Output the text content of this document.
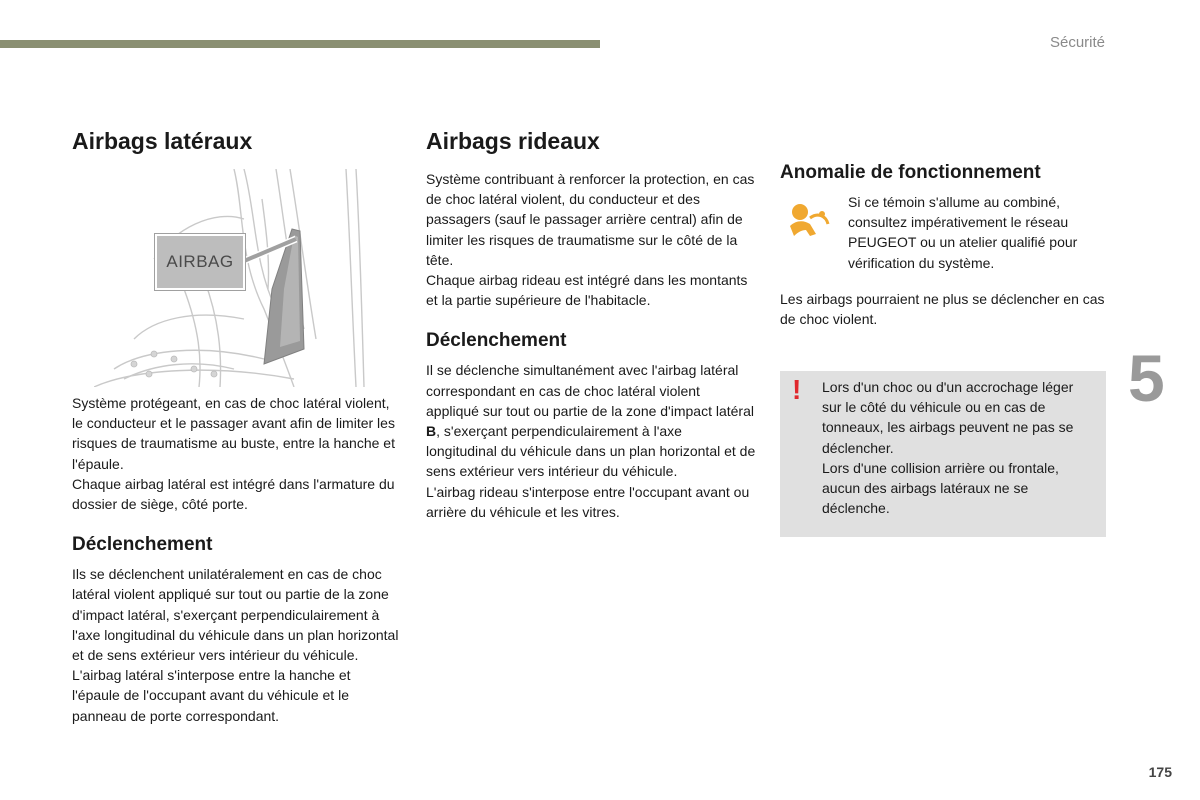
Sécurité
5
175
Airbags latéraux
AIRBAG

Système protégeant, en cas de choc latéral violent, le conducteur et le passager avant afin de limiter les risques de traumatisme au buste, entre la hanche et l'épaule.

Chaque airbag latéral est intégré dans l'armature du dossier de siège, côté porte.

Déclenchement

Ils se déclenchent unilatéralement en cas de choc latéral violent appliqué sur tout ou partie de la zone d'impact latéral, s'exerçant perpendiculairement à l'axe longitudinal du véhicule dans un plan horizontal et de sens extérieur vers intérieur du véhicule.

L'airbag latéral s'interpose entre la hanche et l'épaule de l'occupant avant du véhicule et le panneau de porte correspondant.

Airbags rideaux

Système contribuant à renforcer la protection, en cas de choc latéral violent, du conducteur et des passagers (sauf le passager arrière central) afin de limiter les risques de traumatisme sur le côté de la tête.

Chaque airbag rideau est intégré dans les montants et la partie supérieure de l'habitacle.

Déclenchement

Il se déclenche simultanément avec l'airbag latéral correspondant en cas de choc latéral violent appliqué sur tout ou partie de la zone d'impact latéral B, s'exerçant perpendiculairement à l'axe longitudinal du véhicule dans un plan horizontal et de sens extérieur vers intérieur du véhicule.

L'airbag rideau s'interpose entre l'occupant avant ou arrière du véhicule et les vitres.

Anomalie de fonctionnement

Si ce témoin s'allume au combiné, consultez impérativement le réseau PEUGEOT ou un atelier qualifié pour vérification du système.

Les airbags pourraient ne plus se déclencher en cas de choc violent.

! Lors d'un choc ou d'un accrochage léger sur le côté du véhicule ou en cas de tonneaux, les airbags peuvent ne pas se déclencher.

Lors d'une collision arrière ou frontale, aucun des airbags latéraux ne se déclenche.
